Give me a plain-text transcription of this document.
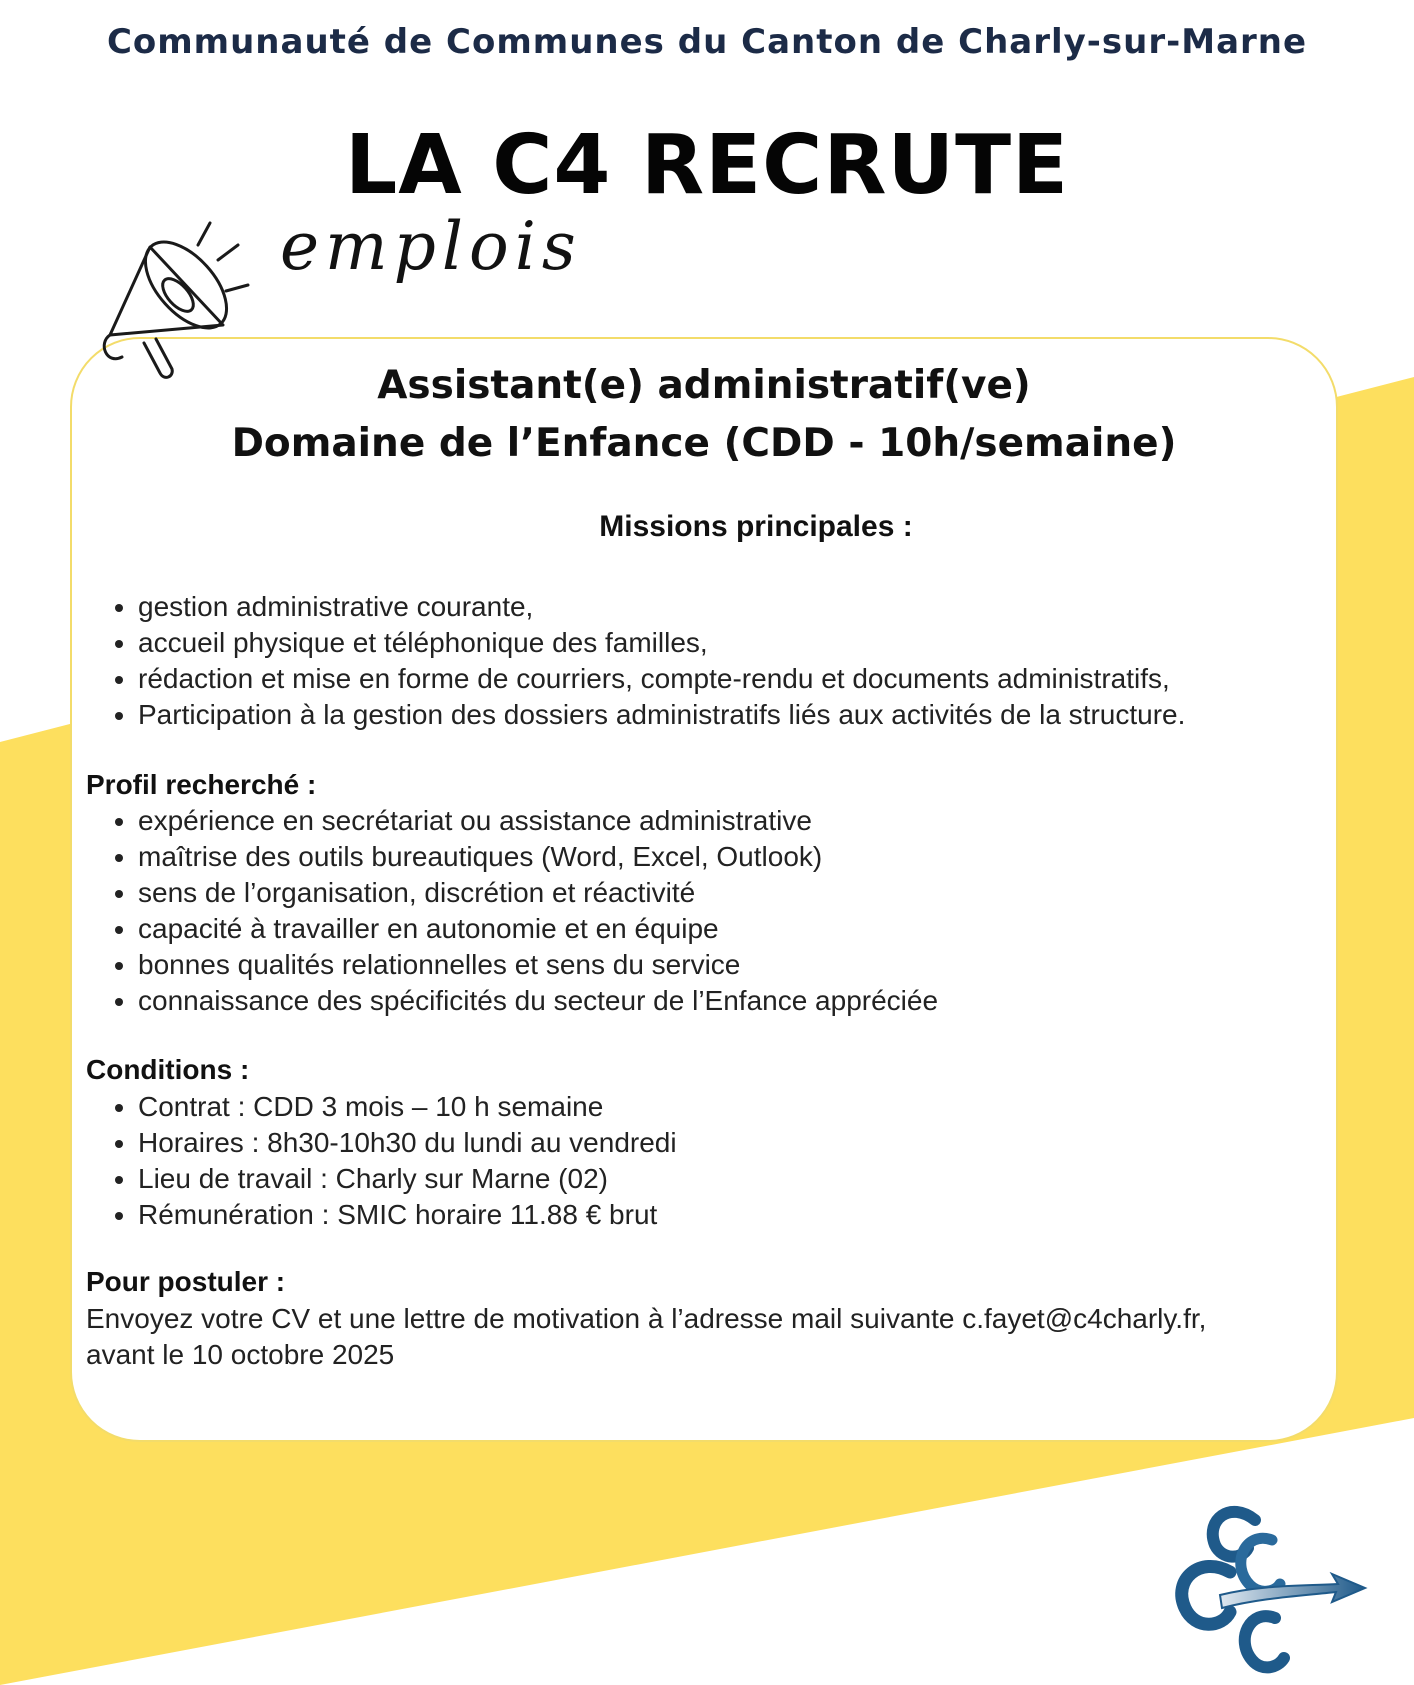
Communauté de Communes du Canton de Charly-sur-Marne
LA C4 RECRUTE
emplois
Assistant(e) administratif(ve)
Domaine de l’Enfance (CDD - 10h/semaine)
Missions principales :
• gestion administrative courante,
• accueil physique et téléphonique des familles,
• rédaction et mise en forme de courriers, compte-rendu et documents administratifs,
• Participation à la gestion des dossiers administratifs liés aux activités de la structure.
Profil recherché :
• expérience en secrétariat ou assistance administrative
• maîtrise des outils bureautiques (Word, Excel, Outlook)
• sens de l’organisation, discrétion et réactivité
• capacité à travailler en autonomie et en équipe
• bonnes qualités relationnelles et sens du service
• connaissance des spécificités du secteur de l’Enfance appréciée
Conditions :
• Contrat : CDD 3 mois – 10 h semaine
• Horaires : 8h30-10h30 du lundi au vendredi
• Lieu de travail : Charly sur Marne (02)
• Rémunération : SMIC horaire 11.88 € brut
Pour postuler :
Envoyez votre CV et une lettre de motivation à l’adresse mail suivante c.fayet@c4charly.fr,
avant le 10 octobre 2025
